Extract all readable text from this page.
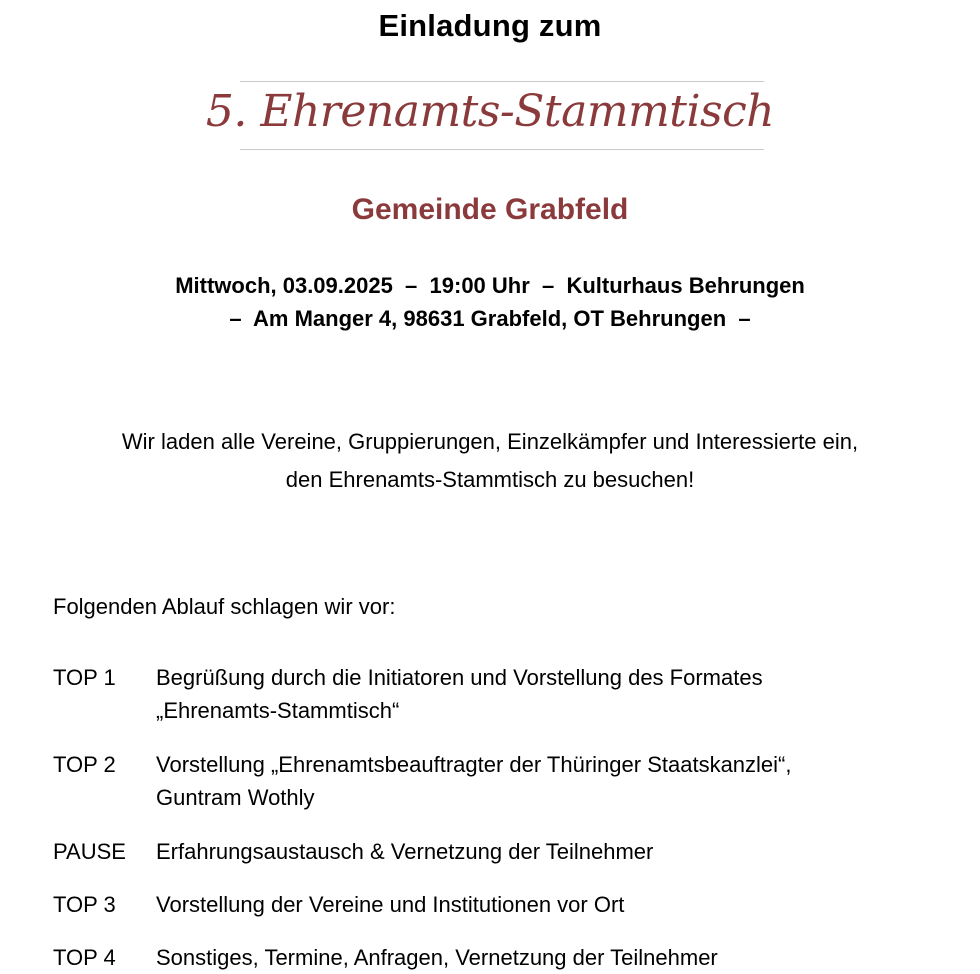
Einladung zum
5. Ehrenamts-Stammtisch
Gemeinde Grabfeld
Mittwoch, 03.09.2025  –  19:00 Uhr  –  Kulturhaus Behrungen
–  Am Manger 4, 98631 Grabfeld, OT Behrungen  –
Wir laden alle Vereine, Gruppierungen, Einzelkämpfer und Interessierte ein,
den Ehrenamts-Stammtisch zu besuchen!
Folgenden Ablauf schlagen wir vor:
TOP 1 Begrüßung durch die Initiatoren und Vorstellung des Formates
„Ehrenamts-Stammtisch“
TOP 2 Vorstellung „Ehrenamtsbeauftragter der Thüringer Staatskanzlei“,
Guntram Wothly
PAUSE Erfahrungsaustausch & Vernetzung der Teilnehmer
TOP 3 Vorstellung der Vereine und Institutionen vor Ort
TOP 4 Sonstiges, Termine, Anfragen, Vernetzung der Teilnehmer
